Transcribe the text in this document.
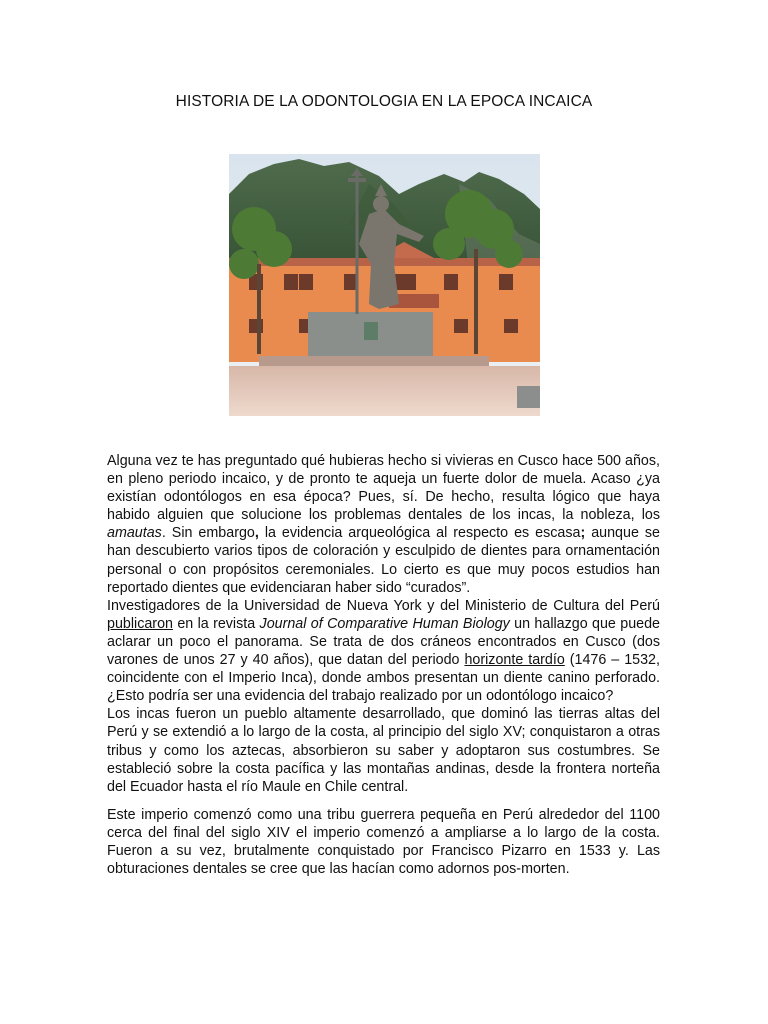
HISTORIA DE LA ODONTOLOGIA EN LA EPOCA INCAICA

Alguna vez te has preguntado qué hubieras hecho si vivieras en Cusco hace 500 años, en pleno periodo incaico, y de pronto te aqueja un fuerte dolor de muela. Acaso ¿ya existían odontólogos en esa época? Pues, sí. De hecho, resulta lógico que haya habido alguien que solucione los problemas dentales de los incas, la nobleza, los amautas. Sin embargo, la evidencia arqueológica al respecto es escasa; aunque se han descubierto varios tipos de coloración y esculpido de dientes para ornamentación personal o con propósitos ceremoniales. Lo cierto es que muy pocos estudios han reportado dientes que evidenciaran haber sido “curados”.

Investigadores de la Universidad de Nueva York y del Ministerio de Cultura del Perú publicaron en la revista Journal of Comparative Human Biology un hallazgo que puede aclarar un poco el panorama. Se trata de dos cráneos encontrados en Cusco (dos varones de unos 27 y 40 años), que datan del periodo horizonte tardío (1476 – 1532, coincidente con el Imperio Inca), donde ambos presentan un diente canino perforado. ¿Esto podría ser una evidencia del trabajo realizado por un odontólogo incaico?

Los incas fueron un pueblo altamente desarrollado, que dominó las tierras altas del Perú y se extendió a lo largo de la costa, al principio del siglo XV; conquistaron a otras tribus y como los aztecas, absorbieron su saber y adoptaron sus costumbres. Se estableció sobre la costa pacífica y las montañas andinas, desde la frontera norteña del Ecuador hasta el río Maule en Chile central.

Este imperio comenzó como una tribu guerrera pequeña en Perú alrededor del 1100 cerca del final del siglo XIV el imperio comenzó a ampliarse a lo largo de la costa. Fueron a su vez, brutalmente conquistado por Francisco Pizarro en 1533 y. Las obturaciones dentales se cree que las hacían como adornos pos-morten.
